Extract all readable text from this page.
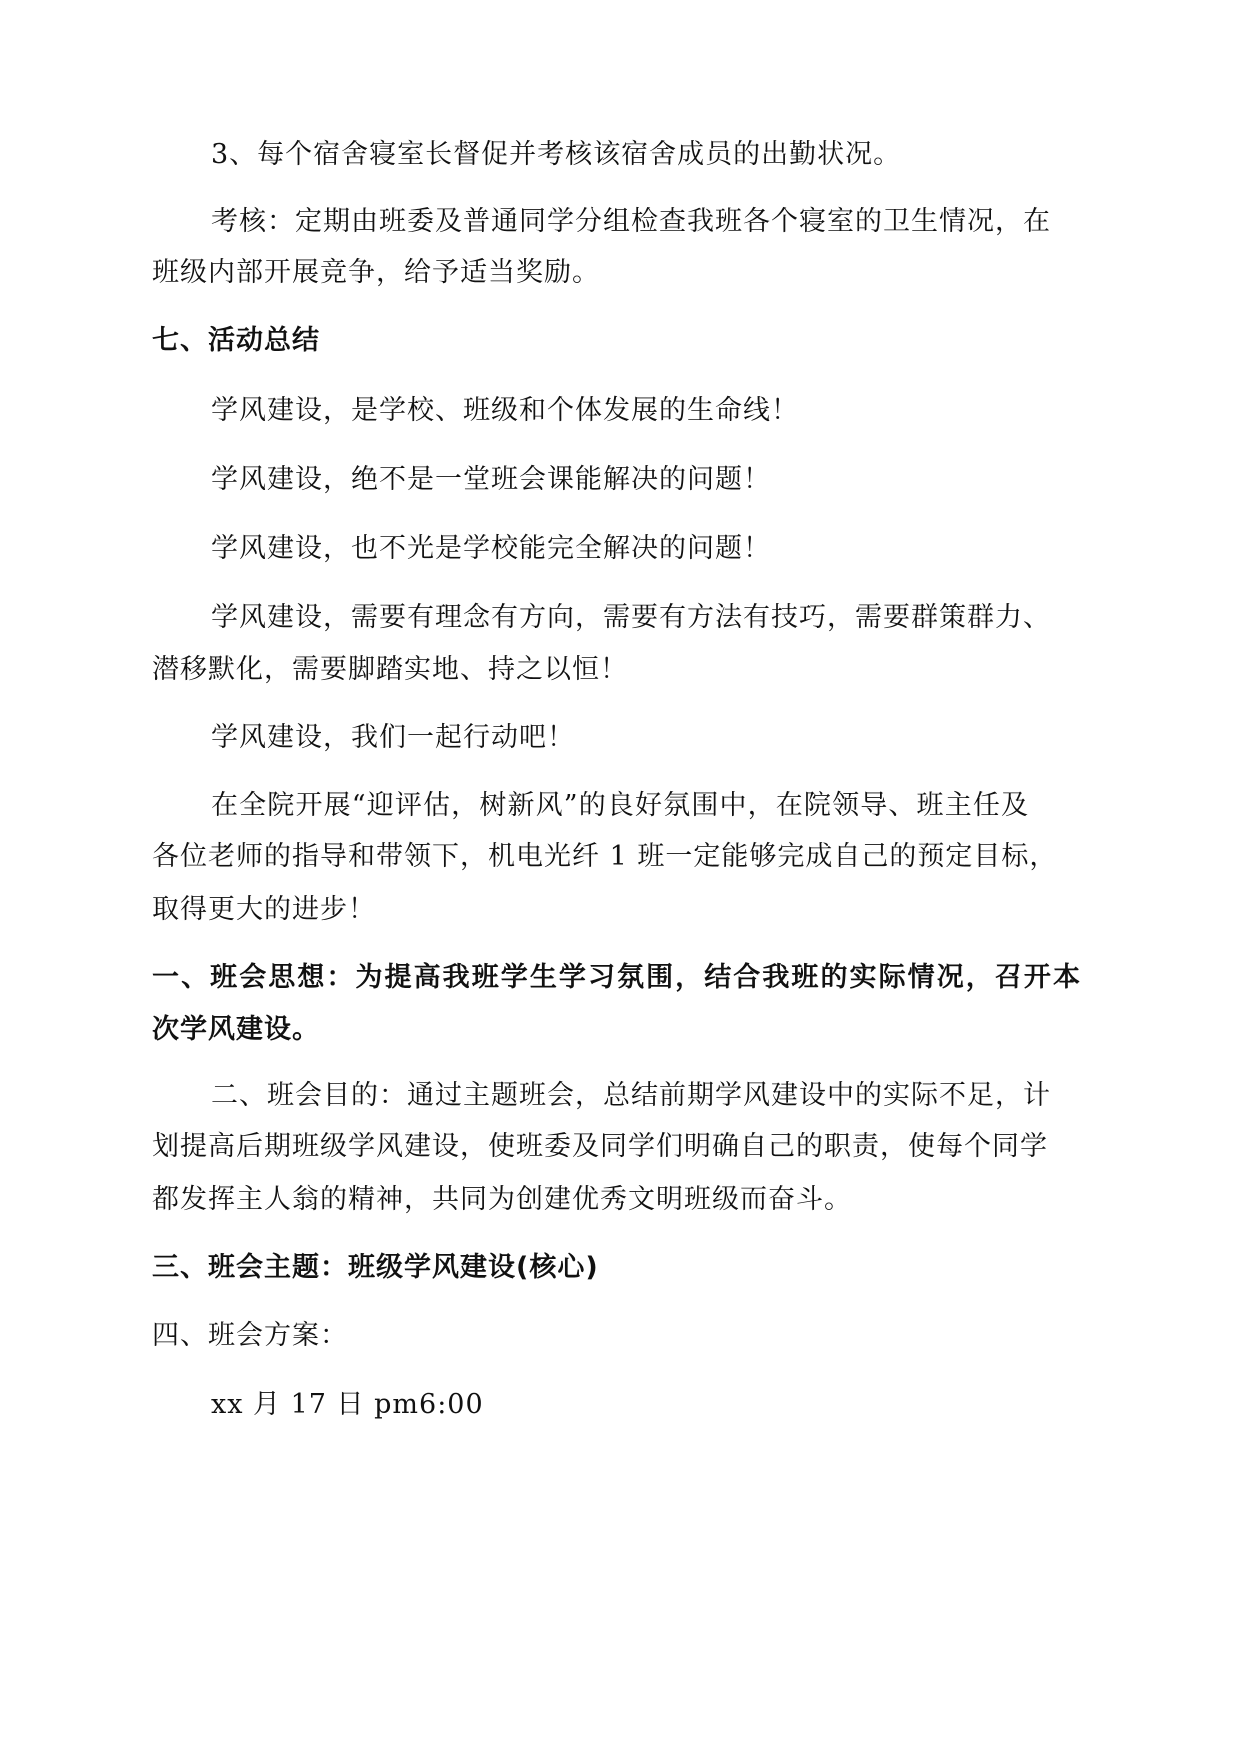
3、每个宿舍寝室长督促并考核该宿舍成员的出勤状况。
考核：定期由班委及普通同学分组检查我班各个寝室的卫生情况，在
班级内部开展竞争，给予适当奖励。
七、活动总结
学风建设，是学校、班级和个体发展的生命线！
学风建设，绝不是一堂班会课能解决的问题！
学风建设，也不光是学校能完全解决的问题！
学风建设，需要有理念有方向，需要有方法有技巧，需要群策群力、
潜移默化，需要脚踏实地、持之以恒！
学风建设，我们一起行动吧！
在全院开展“迎评估，树新风”的良好氛围中，在院领导、班主任及
各位老师的指导和带领下，机电光纤 1 班一定能够完成自己的预定目标，
取得更大的进步！
一、班会思想：为提高我班学生学习氛围，结合我班的实际情况，召开本
次学风建设。
二、班会目的：通过主题班会，总结前期学风建设中的实际不足，计
划提高后期班级学风建设，使班委及同学们明确自己的职责，使每个同学
都发挥主人翁的精神，共同为创建优秀文明班级而奋斗。
三、班会主题：班级学风建设(核心)
四、班会方案：
xx 月 17 日 pm6:00
